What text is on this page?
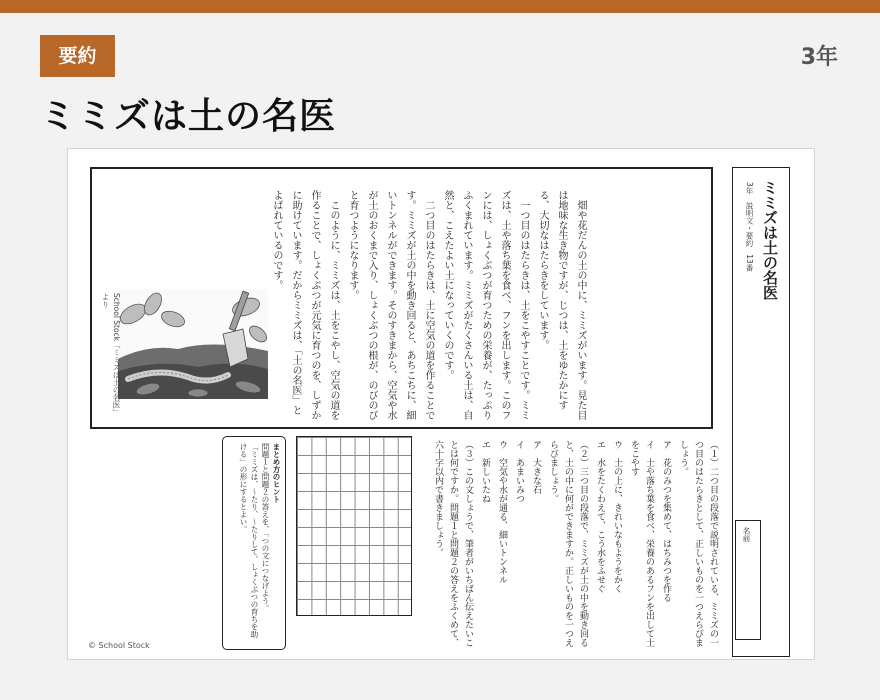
要約	3年
ミミズは土の名医
ミミズは土の名医
3年　説明文・要約　13番
名前

畑や花だんの土の中に、ミミズがいます。見た目は地味な生き物ですが、じつは、土をゆたかにする、大切なはたらきをしています。

一つ目のはたらきは、土をこやすことです。ミミズは、土や落ち葉を食べ、フンを出します。このフンには、しょくぶつが育つための栄養が、たっぷりふくまれています。ミミズがたくさんいる土は、自然と、こえたよい土になっていくのです。

二つ目のはたらきは、土に空気の道を作ることです。ミミズが土の中を動き回ると、あちこちに、細いトンネルができます。そのすきまから、空気や水が土のおくまで入り、しょくぶつの根が、のびのびと育つようになります。

このように、ミミズは、土をこやし、空気の道を作ることで、しょくぶつが元気に育つのを、しずかに助けています。だからミミズは、「土の名医」とよばれているのです。

School Stock「ミミズは土の名医」より
（１）二つ目の段落で説明されている、ミミズの一つ目のはたらきとして、正しいものを一つえらびましょう。
ア　花のみつを集めて、はちみつを作る
イ　土や落ち葉を食べ、栄養のあるフンを出して土をこやす
ウ　土の上に、きれいなもようをかく
エ　水をたくわえて、こう水をふせぐ
（２）三つ目の段落で、ミミズが土の中を動き回ると、土の中に何ができますか。正しいものを一つえらびましょう。
ア　大きな石
イ　あまいみつ
ウ　空気や水が通る、細いトンネル
エ　新しいたね
（３）この文しょうで、筆者がいちばん伝えたいことは何ですか。問題１と問題２の答えをふくめて、六十字以内で書きましょう。
まとめ方のヒント
問題１と問題２の答えを、「つの文につなげよう。
「ミミズは、〜たり、〜たりして、しょくぶつの育ちを助ける」の形にするとよい。
© School Stock
